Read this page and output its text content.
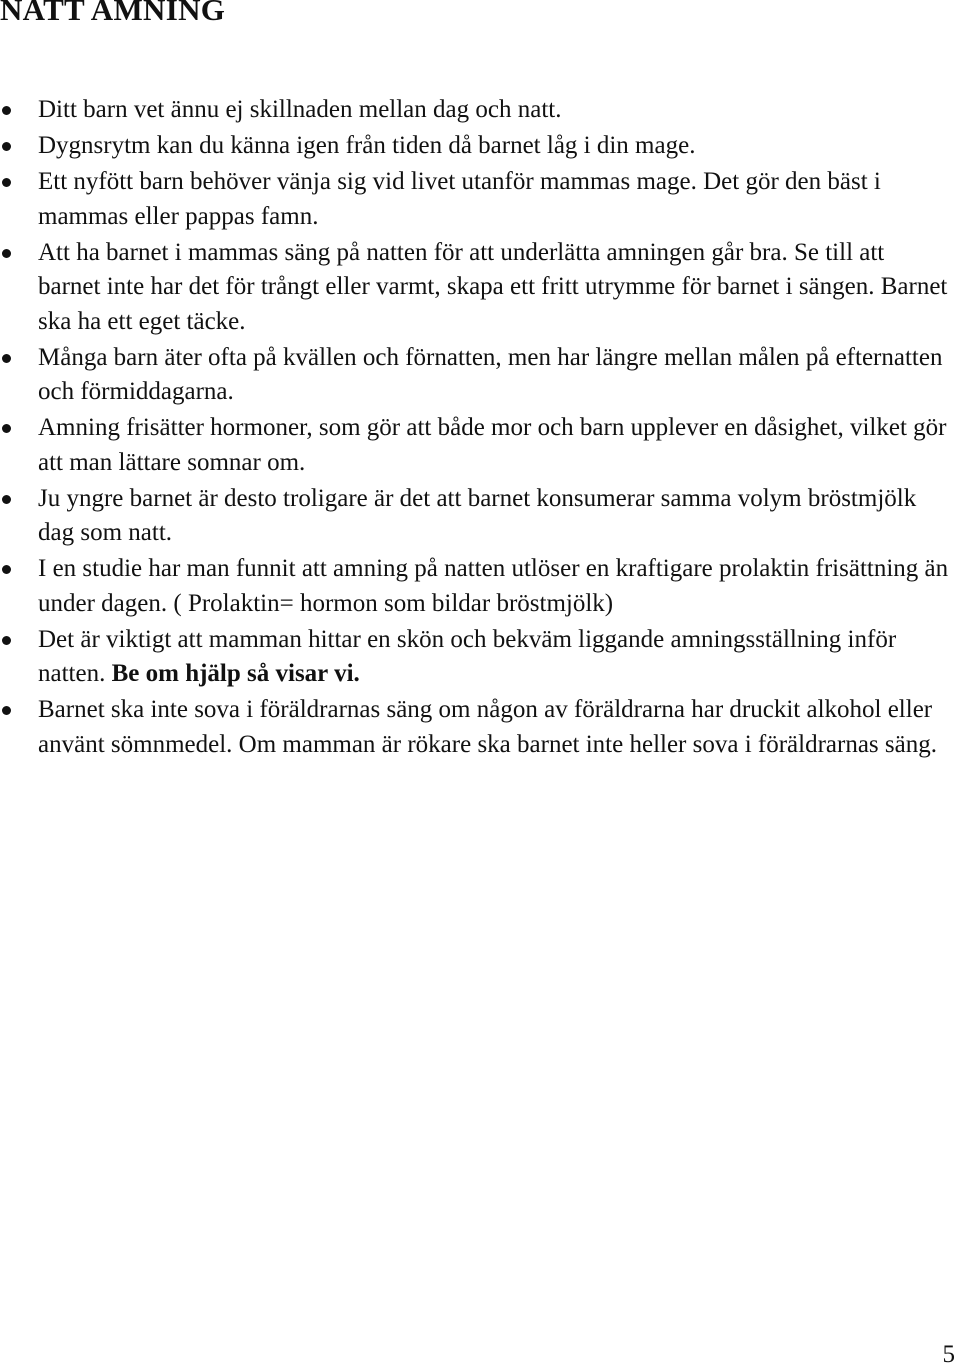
NATT AMNING
Ditt barn vet ännu ej skillnaden mellan dag och natt.
Dygnsrytm kan du känna igen från tiden då barnet låg i din mage.
Ett nyfött barn behöver vänja sig vid livet utanför mammas mage. Det gör den bäst i mammas eller pappas famn.
Att ha barnet i mammas säng på natten för att underlätta amningen går bra. Se till att barnet inte har det för trångt eller varmt, skapa ett fritt utrymme för barnet i sängen. Barnet ska ha ett eget täcke.
Många barn äter ofta på kvällen och förnatten, men har längre mellan målen på efternatten och förmiddagarna.
Amning frisätter hormoner, som gör att både mor och barn upplever en dåsighet, vilket gör att man lättare somnar om.
Ju yngre barnet är desto troligare är det att barnet konsumerar samma volym bröstmjölk dag som natt.
I en studie har man funnit att amning på natten utlöser en kraftigare prolaktin frisättning än under dagen. ( Prolaktin= hormon som bildar bröstmjölk)
Det är viktigt att mamman hittar en skön och bekväm liggande amningsställning inför natten. Be om hjälp så visar vi.
Barnet ska inte sova i föräldrarnas säng om någon av föräldrarna har druckit alkohol eller använt sömnmedel. Om mamman är rökare ska barnet inte heller sova i föräldrarnas säng.
5
